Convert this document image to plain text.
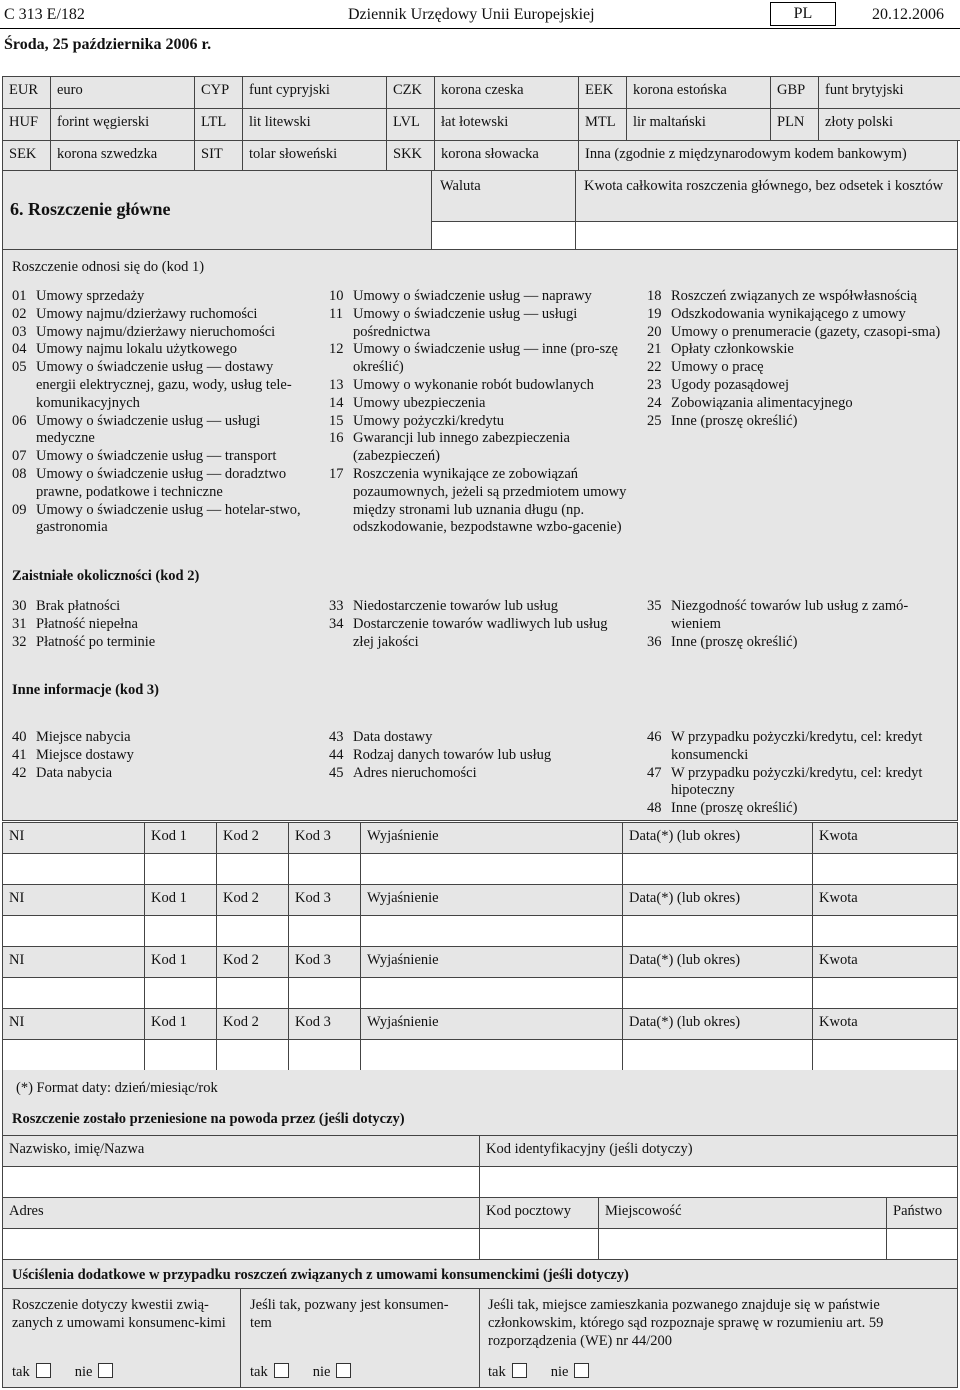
C 313 E/182	Dziennik Urzędowy Unii Europejskiej	PL	20.12.2006
Środa, 25 października 2006 r.
EUR	euro	CYP	funt cypryjski	CZK	korona czeska	EEK	korona estońska	GBP	funt brytyjski
HUF	forint węgierski	LTL	lit litewski	LVL	łat łotewski	MTL	lir maltański	PLN	złoty polski
SEK	korona szwedzka	SIT	tolar słoweński	SKK	korona słowacka	Inna (zgodnie z międzynarodowym kodem bankowym)
6. Roszczenie główne
Waluta	Kwota całkowita roszczenia głównego, bez odsetek i kosztów
Roszczenie odnosi się do (kod 1)
01 Umowy sprzedaży
02 Umowy najmu/dzierżawy ruchomości
03 Umowy najmu/dzierżawy nieruchomości
04 Umowy najmu lokalu użytkowego
05 Umowy o świadczenie usług — dostawy energii elektrycznej, gazu, wody, usług tele-komunikacyjnych
06 Umowy o świadczenie usług — usługi medyczne
07 Umowy o świadczenie usług — transport
08 Umowy o świadczenie usług — doradztwo prawne, podatkowe i techniczne
09 Umowy o świadczenie usług — hotelar-stwo, gastronomia
10 Umowy o świadczenie usług — naprawy
11 Umowy o świadczenie usług — usługi pośrednictwa
12 Umowy o świadczenie usług — inne (pro-szę określić)
13 Umowy o wykonanie robót budowlanych
14 Umowy ubezpieczenia
15 Umowy pożyczki/kredytu
16 Gwarancji lub innego zabezpieczenia (zabezpieczeń)
17 Roszczenia wynikające ze zobowiązań pozaumownych, jeżeli są przedmiotem umowy między stronami lub uznania długu (np. odszkodowanie, bezpodstawne wzbo-gacenie)
18 Roszczeń związanych ze współwłasnością
19 Odszkodowania wynikającego z umowy
20 Umowy o prenumeracie (gazety, czasopi-sma)
21 Opłaty członkowskie
22 Umowy o pracę
23 Ugody pozasądowej
24 Zobowiązania alimentacyjnego
25 Inne (proszę określić)
Zaistniałe okoliczności (kod 2)
30 Brak płatności
31 Płatność niepełna
32 Płatność po terminie
33 Niedostarczenie towarów lub usług
34 Dostarczenie towarów wadliwych lub usług złej jakości
35 Niezgodność towarów lub usług z zamó-wieniem
36 Inne (proszę określić)
Inne informacje (kod 3)
40 Miejsce nabycia
41 Miejsce dostawy
42 Data nabycia
43 Data dostawy
44 Rodzaj danych towarów lub usług
45 Adres nieruchomości
46 W przypadku pożyczki/kredytu, cel: kredyt konsumencki
47 W przypadku pożyczki/kredytu, cel: kredyt hipoteczny
48 Inne (proszę określić)
NI	Kod 1	Kod 2	Kod 3	Wyjaśnienie	Data(*) (lub okres)	Kwota
NI	Kod 1	Kod 2	Kod 3	Wyjaśnienie	Data(*) (lub okres)	Kwota
NI	Kod 1	Kod 2	Kod 3	Wyjaśnienie	Data(*) (lub okres)	Kwota
NI	Kod 1	Kod 2	Kod 3	Wyjaśnienie	Data(*) (lub okres)	Kwota
(*) Format daty: dzień/miesiąc/rok
Roszczenie zostało przeniesione na powoda przez (jeśli dotyczy)
Nazwisko, imię/Nazwa	Kod identyfikacyjny (jeśli dotyczy)
Adres	Kod pocztowy	Miejscowość	Państwo
Uściślenia dodatkowe w przypadku roszczeń związanych z umowami konsumenckimi (jeśli dotyczy)
Roszczenie dotyczy kwestii zwią-zanych z umowami konsumenc-kimi
Jeśli tak, pozwany jest konsumen-tem
Jeśli tak, miejsce zamieszkania pozwanego znajduje się w państwie członkowskim, którego sąd rozpoznaje sprawę w rozumieniu art. 59 rozporządzenia (WE) nr 44/200
tak	nie	tak	nie	tak	nie
